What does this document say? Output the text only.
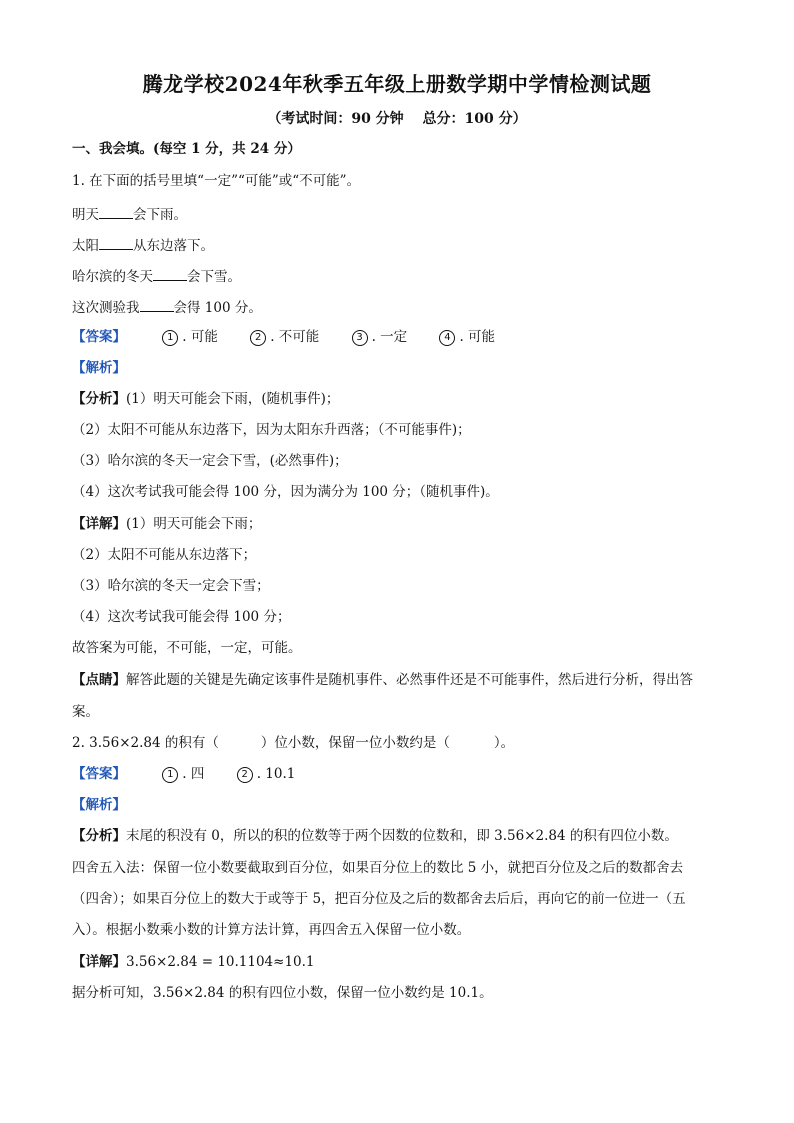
腾龙学校2024年秋季五年级上册数学期中学情检测试题
（考试时间：90 分钟　 总分：100 分）
一、我会填。(每空 1 分，共 24 分）
1. 在下面的括号里填“一定”“可能”或“不可能”。
明天	会下雨。
太阳	从东边落下。
哈尔滨的冬天	会下雪。
这次测验我	会得 100 分。
【答案】	1 . 可能	2 . 不可能	3 . 一定	4 . 可能
【解析】
【分析】(1）明天可能会下雨，(随机事件)；
（2）太阳不可能从东边落下，因为太阳东升西落；（不可能事件)；
（3）哈尔滨的冬天一定会下雪，(必然事件)；
（4）这次考试我可能会得 100 分，因为满分为 100 分；（随机事件)。
【详解】(1）明天可能会下雨；
（2）太阳不可能从东边落下；
（3）哈尔滨的冬天一定会下雪；
（4）这次考试我可能会得 100 分；
故答案为可能，不可能，一定，可能。
【点睛】解答此题的关键是先确定该事件是随机事件、必然事件还是不可能事件，然后进行分析，得出答
案。
2. 3.56×2.84 的积有（	）位小数，保留一位小数约是（	）。
【答案】	1 . 四	2 . 10.1
【解析】
【分析】末尾的积没有 0，所以的积的位数等于两个因数的位数和，即 3.56×2.84 的积有四位小数。
四舍五入法：保留一位小数要截取到百分位，如果百分位上的数比 5 小，就把百分位及之后的数都舍去
（四舍）；如果百分位上的数大于或等于 5，把百分位及之后的数都舍去后后，再向它的前一位进一（五
入）。根据小数乘小数的计算方法计算，再四舍五入保留一位小数。
【详解】3.56×2.84 = 10.1104≈10.1
据分析可知，3.56×2.84 的积有四位小数，保留一位小数约是 10.1。
